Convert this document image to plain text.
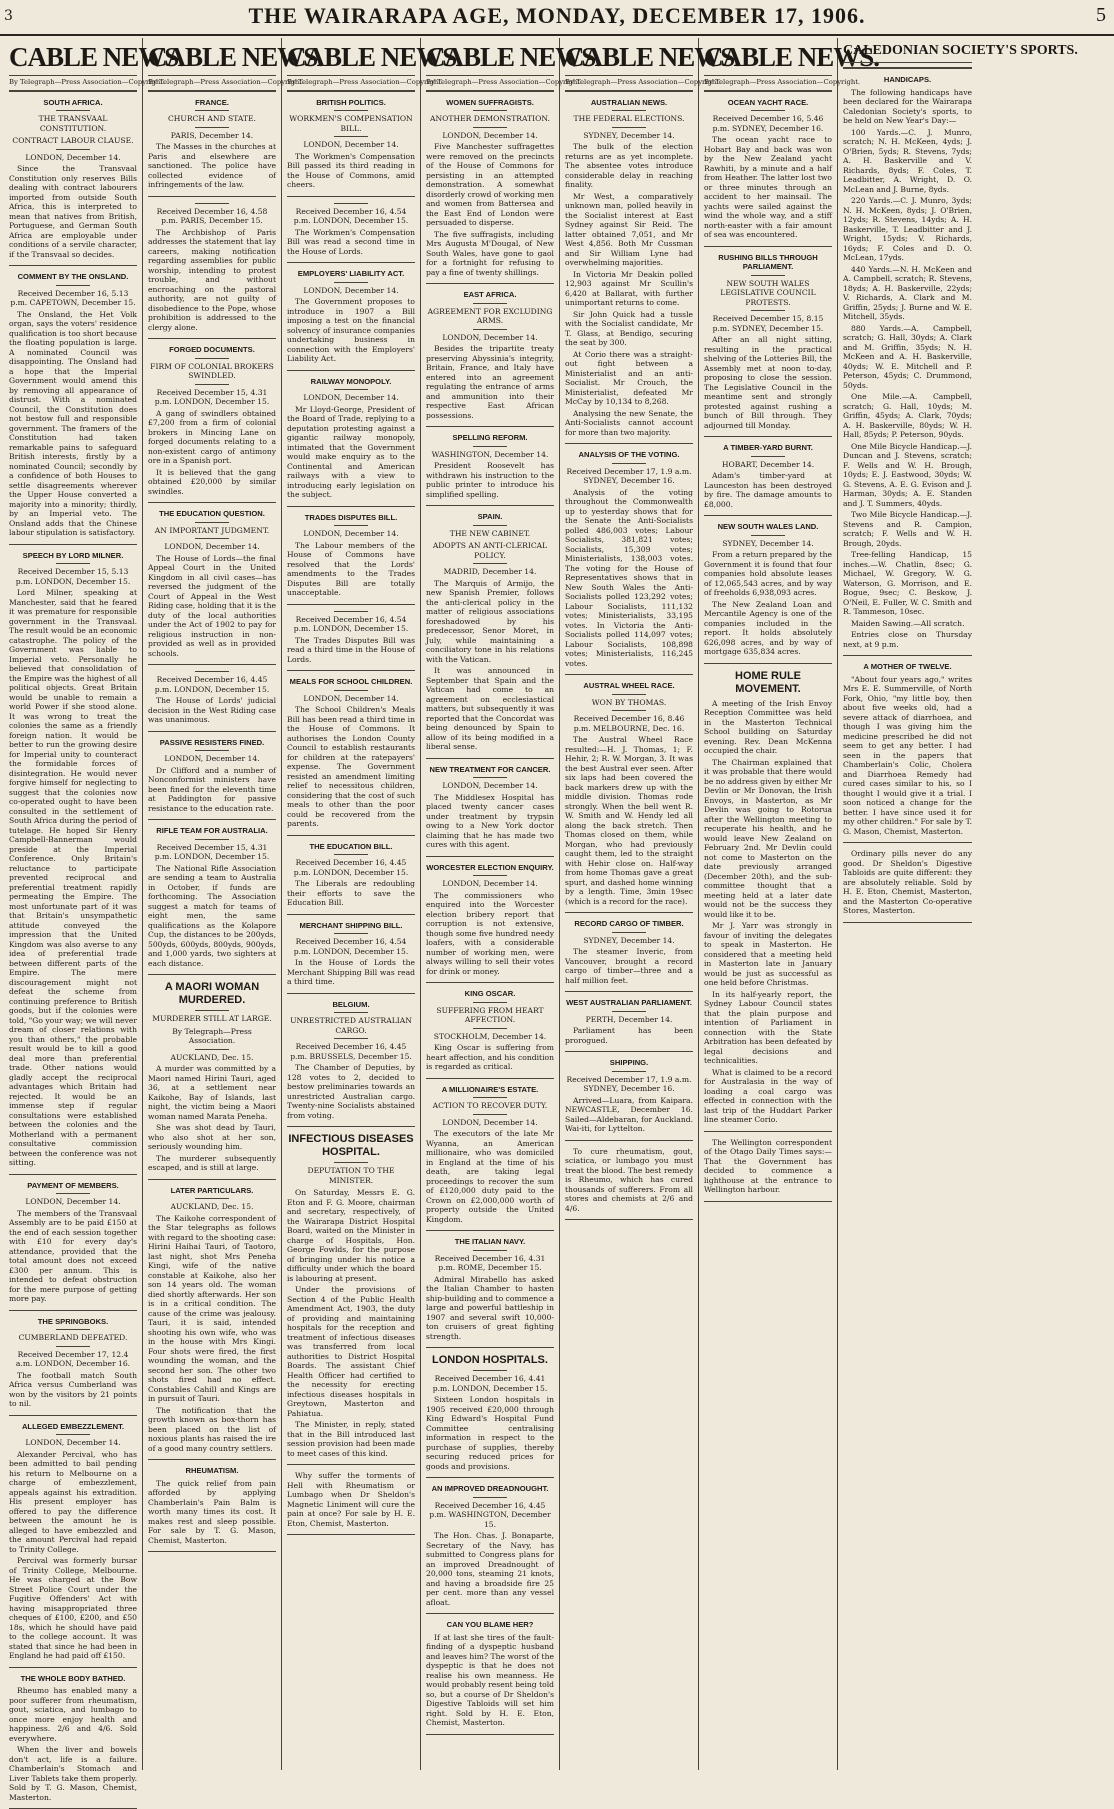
3	THE WAIRARAPA AGE, MONDAY, DECEMBER 17, 1906.	5
CABLE NEWS.
By Telegraph—Press Association—Copyright.
SOUTH AFRICA.
THE TRANSVAAL CONSTITUTION.
CONTRACT LABOUR CLAUSE.
LONDON, December 14.

Since the Transvaal Constitution only reserves Bills dealing with contract labourers imported from outside South Africa, this is interpreted to mean that natives from British, Portuguese, and German South Africa are employable under conditions of a servile character, if the Transvaal so decides.

COMMENT BY THE ONSLAND.
Received December 16, 5.13 p.m. CAPETOWN, December 15.

The Onsland, the Het Volk organ, says the voters' residence qualification is too short because the floating population is large. A nominated Council was disappointing. The Onsland had a hope that the Imperial Government would amend this by removing all appearance of distrust. With a nominated Council, the Constitution does not bestow full and responsible government. The framers of the Constitution had taken remarkable pains to safeguard British interests, firstly by a nominated Council; secondly by a confidence of both Houses to settle disagreements wherever the Upper House converted a majority into a minority; thirdly, by an Imperial veto. The Onsland adds that the Chinese labour stipulation is satisfactory.

SPEECH BY LORD MILNER.
Received December 15, 5.13 p.m. LONDON, December 15.

Lord Milner, speaking at Manchester, said that he feared it was premature for responsible government in the Transvaal. The result would be an economic catastrophe. The policy of the Government was liable to Imperial veto. Personally he believed that consolidation of the Empire was the highest of all political objects. Great Britain would be unable to remain a world Power if she stood alone. It was wrong to treat the colonies the same as a friendly foreign nation. It would be better to run the growing desire for Imperial unity to counteract the formidable forces of disintegration. He would never forgive himself for neglecting to suggest that the colonies now co-operated ought to have been consulted in the settlement of South Africa during the period of tutelage. He hoped Sir Henry Campbell-Bannerman would preside at the Imperial Conference. Only Britain's reluctance to participate prevented reciprocal and preferential treatment rapidly permeating the Empire. The most unfortunate part of it was that Britain's unsympathetic attitude conveyed the impression that the United Kingdom was also averse to any idea of preferential trade between different parts of the Empire. The mere discouragement might not defeat the scheme from continuing preference to British goods, but if the colonies were told, "Go your way; we will never dream of closer relations with you than others," the probable result would be to kill a good deal more than preferential trade. Other nations would gladly accept the reciprocal advantages which Britain had rejected. It would be an immense step if regular consultations were established between the colonies and the Motherland with a permanent consultative commission between the conference was not sitting.

PAYMENT OF MEMBERS.
LONDON, December 14.

The members of the Transvaal Assembly are to be paid £150 at the end of each session together with £10 for every day's attendance, provided that the total amount does not exceed £300 per annum. This is intended to defeat obstruction for the mere purpose of getting more pay.

THE SPRINGBOKS.
CUMBERLAND DEFEATED.
Received December 17, 12.4 a.m. LONDON, December 16.

The football match South Africa versus Cumberland was won by the visitors by 21 points to nil.

ALLEGED EMBEZZLEMENT.
LONDON, December 14.

Alexander Percival, who has been admitted to bail pending his return to Melbourne on a charge of embezzlement, appeals against his extradition. His present employer has offered to pay the difference between the amount he is alleged to have embezzled and the amount Percival had repaid to Trinity College.

Percival was formerly bursar of Trinity College, Melbourne. He was charged at the Bow Street Police Court under the Fugitive Offenders' Act with having misappropriated three cheques of £100, £200, and £50 18s, which he should have paid to the college account. It was stated that since he had been in England he had paid off £150.

THE WHOLE BODY BATHED.

Rheumo has enabled many a poor sufferer from rheumatism, gout, sciatica, and lumbago to once more enjoy health and happiness. 2/6 and 4/6. Sold everywhere.

When the liver and bowels don't act, life is a failure. Chamberlain's Stomach and Liver Tablets take them properly. Sold by T. G. Mason, Chemist, Masterton.

CABLE NEWS.
By Telegraph—Press Association—Copyright.
FRANCE.
CHURCH AND STATE.
PARIS, December 14.

The Masses in the churches at Paris and elsewhere are sanctioned. The police have collected evidence of infringements of the law.

Received December 16, 4.58 p.m. PARIS, December 15.

The Archbishop of Paris addresses the statement that lay careers, making notification regarding assemblies for public worship, intending to protest trouble, and without encroaching on the pastoral authority, are not guilty of disobedience to the Pope, whose prohibition is addressed to the clergy alone.

FORGED DOCUMENTS.
FIRM OF COLONIAL BROKERS SWINDLED.
Received December 15, 4.31 p.m. LONDON, December 15.

A gang of swindlers obtained £7,200 from a firm of colonial brokers in Mincing Lane on forged documents relating to a non-existent cargo of antimony ore in a Spanish port.

It is believed that the gang obtained £20,000 by similar swindles.

THE EDUCATION QUESTION.
AN IMPORTANT JUDGMENT.
LONDON, December 14.

The House of Lords—the final Appeal Court in the United Kingdom in all civil cases—has reversed the judgment of the Court of Appeal in the West Riding case, holding that it is the duty of the local authorities under the Act of 1902 to pay for religious instruction in non-provided as well as in provided schools.

Received December 16, 4.45 p.m. LONDON, December 15.

The House of Lords' judicial decision in the West Riding case was unanimous.

PASSIVE RESISTERS FINED.
LONDON, December 14.

Dr Clifford and a number of Nonconformist ministers have been fined for the eleventh time at Paddington for passive resistance to the education rate.

RIFLE TEAM FOR AUSTRALIA.
Received December 15, 4.31 p.m. LONDON, December 15.

The National Rifle Association are sending a team to Australia in October, if funds are forthcoming. The Association suggest a match for teams of eight men, the same qualifications as the Kolapore Cup, the distances to be 200yds, 500yds, 600yds, 800yds, 900yds, and 1,000 yards, two sighters at each distance.

A MAORI WOMAN MURDERED.
MURDERER STILL AT LARGE.
By Telegraph—Press Association.
AUCKLAND, Dec. 15.

A murder was committed by a Maori named Hirini Tauri, aged 36, at a settlement near Kaikohe, Bay of Islands, last night, the victim being a Maori woman named Marata Peneha.

She was shot dead by Tauri, who also shot at her son, seriously wounding him.

The murderer subsequently escaped, and is still at large.

LATER PARTICULARS.
AUCKLAND, Dec. 15.

The Kaikohe correspondent of the Star telegraphs as follows with regard to the shooting case: Hirini Haihai Tauri, of Taotoro, last night, shot Mrs Peneha Kingi, wife of the native constable at Kaikohe, also her son 14 years old. The woman died shortly afterwards. Her son is in a critical condition. The cause of the crime was jealousy. Tauri, it is said, intended shooting his own wife, who was in the house with Mrs Kingi. Four shots were fired, the first wounding the woman, and the second her son. The other two shots fired had no effect. Constables Cahill and Kings are in pursuit of Tauri.

The notification that the growth known as box-thorn has been placed on the list of noxious plants has raised the ire of a good many country settlers.

RHEUMATISM.

The quick relief from pain afforded by applying Chamberlain's Pain Balm is worth many times its cost. It makes rest and sleep possible. For sale by T. G. Mason, Chemist, Masterton.

CABLE NEWS.
By Telegraph—Press Association—Copyright.
BRITISH POLITICS.
WORKMEN'S COMPENSATION BILL.
LONDON, December 14.

The Workmen's Compensation Bill passed its third reading in the House of Commons, amid cheers.

Received December 16, 4.54 p.m. LONDON, December 15.

The Workmen's Compensation Bill was read a second time in the House of Lords.

EMPLOYERS' LIABILITY ACT.
LONDON, December 14.

The Government proposes to introduce in 1907 a Bill imposing a test on the financial solvency of insurance companies undertaking business in connection with the Employers' Liability Act.

RAILWAY MONOPOLY.
LONDON, December 14.

Mr Lloyd-George, President of the Board of Trade, replying to a deputation protesting against a gigantic railway monopoly, intimated that the Government would make enquiry as to the Continental and American railways with a view to introducing early legislation on the subject.

TRADES DISPUTES BILL.
LONDON, December 14.

The Labour members of the House of Commons have resolved that the Lords' amendments to the Trades Disputes Bill are totally unacceptable.

Received December 16, 4.54 p.m. LONDON, December 15.

The Trades Disputes Bill was read a third time in the House of Lords.

MEALS FOR SCHOOL CHILDREN.
LONDON, December 14.

The School Children's Meals Bill has been read a third time in the House of Commons. It authorises the London County Council to establish restaurants for children at the ratepayers' expense. The Government resisted an amendment limiting relief to necessitous children, considering that the cost of such meals to other than the poor could be recovered from the parents.

THE EDUCATION BILL.
Received December 16, 4.45 p.m. LONDON, December 15.

The Liberals are redoubling their efforts to save the Education Bill.

MERCHANT SHIPPING BILL.
Received December 16, 4.54 p.m. LONDON, December 15.

In the House of Lords the Merchant Shipping Bill was read a third time.

BELGIUM.
UNRESTRICTED AUSTRALIAN CARGO.
Received December 16, 4.45 p.m. BRUSSELS, December 15.

The Chamber of Deputies, by 128 votes to 2, decided to bestow preliminaries towards an unrestricted Australian cargo. Twenty-nine Socialists abstained from voting.

INFECTIOUS DISEASES HOSPITAL.
DEPUTATION TO THE MINISTER.

On Saturday, Messrs E. G. Eton and F. G. Moore, chairman and secretary, respectively, of the Wairarapa District Hospital Board, waited on the Minister in charge of Hospitals, Hon. George Fowlds, for the purpose of bringing under his notice a difficulty under which the board is labouring at present.

Under the provisions of Section 4 of the Public Health Amendment Act, 1903, the duty of providing and maintaining hospitals for the reception and treatment of infectious diseases was transferred from local authorities to District Hospital Boards. The assistant Chief Health Officer had certified to the necessity for erecting infectious diseases hospitals in Greytown, Masterton and Pahiatua.

The Minister, in reply, stated that in the Bill introduced last session provision had been made to meet cases of this kind.

Why suffer the torments of Hell with Rheumatism or Lumbago when Dr Sheldon's Magnetic Liniment will cure the pain at once? For sale by H. E. Eton, Chemist, Masterton.

CABLE NEWS.
By Telegraph—Press Association—Copyright.
WOMEN SUFFRAGISTS.
ANOTHER DEMONSTRATION.
LONDON, December 14.

Five Manchester suffragettes were removed on the precincts of the House of Commons for persisting in an attempted demonstration. A somewhat disorderly crowd of working men and women from Battersea and the East End of London were persuaded to disperse.

The five suffragists, including Mrs Augusta M'Dougal, of New South Wales, have gone to gaol for a fortnight for refusing to pay a fine of twenty shillings.

EAST AFRICA.
AGREEMENT FOR EXCLUDING ARMS.
LONDON, December 14.

Besides the tripartite treaty preserving Abyssinia's integrity, Britain, France, and Italy have entered into an agreement regulating the entrance of arms and ammunition into their respective East African possessions.

SPELLING REFORM.
WASHINGTON, December 14.

President Roosevelt has withdrawn his instruction to the public printer to introduce his simplified spelling.

SPAIN.
THE NEW CABINET.
ADOPTS AN ANTI-CLERICAL POLICY.
MADRID, December 14.

The Marquis of Armijo, the new Spanish Premier, follows the anti-clerical policy in the matter of religious associations foreshadowed by his predecessor, Senor Moret, in July, while maintaining a conciliatory tone in his relations with the Vatican.

It was announced in September that Spain and the Vatican had come to an agreement on ecclesiastical matters, but subsequently it was reported that the Concordat was being denounced by Spain to allow of its being modified in a liberal sense.

NEW TREATMENT FOR CANCER.
LONDON, December 14.

The Middlesex Hospital has placed twenty cancer cases under treatment by trypsin owing to a New York doctor claiming that he has made two cures with this agent.

WORCESTER ELECTION ENQUIRY.
LONDON, December 14.

The commissioners who enquired into the Worcester election bribery report that corruption is not extensive, though some five hundred needy loafers, with a considerable number of working men, were always willing to sell their votes for drink or money.

KING OSCAR.
SUFFERING FROM HEART AFFECTION.
STOCKHOLM, December 14.

King Oscar is suffering from heart affection, and his condition is regarded as critical.

A MILLIONAIRE'S ESTATE.
ACTION TO RECOVER DUTY.
LONDON, December 14.

The executors of the late Mr Wyanna, an American millionaire, who was domiciled in England at the time of his death, are taking legal proceedings to recover the sum of £120,000 duty paid to the Crown on £2,000,000 worth of property outside the United Kingdom.

THE ITALIAN NAVY.
Received December 16, 4.31 p.m. ROME, December 15.

Admiral Mirabello has asked the Italian Chamber to hasten ship-building and to commence a large and powerful battleship in 1907 and several swift 10,000-ton cruisers of great fighting strength.

LONDON HOSPITALS.
Received December 16, 4.41 p.m. LONDON, December 15.

Sixteen London hospitals in 1905 received £20,000 through King Edward's Hospital Fund Committee centralising information in respect to the purchase of supplies, thereby securing reduced prices for goods and provisions.

AN IMPROVED DREADNOUGHT.
Received December 16, 4.45 p.m. WASHINGTON, December 15.

The Hon. Chas. J. Bonaparte, Secretary of the Navy, has submitted to Congress plans for an improved Dreadnought of 20,000 tons, steaming 21 knots, and having a broadside fire 25 per cent. more than any vessel afloat.

CAN YOU BLAME HER?

If at last she tires of the fault-finding of a dyspeptic husband and leaves him? The worst of the dyspeptic is that he does not realise his own meanness. He would probably resent being told so, but a course of Dr Sheldon's Digestive Tabloids will set him right. Sold by H. E. Eton, Chemist, Masterton.

CABLE NEWS.
By Telegraph—Press Association—Copyright.
AUSTRALIAN NEWS.
THE FEDERAL ELECTIONS.
SYDNEY, December 14.

The bulk of the election returns are as yet incomplete. The absentee votes introduce considerable delay in reaching finality.

Mr West, a comparatively unknown man, polled heavily in the Socialist interest at East Sydney against Sir Reid. The latter obtained 7,051, and Mr West 4,856. Both Mr Cussman and Sir William Lyne had overwhelming majorities.

In Victoria Mr Deakin polled 12,903 against Mr Scullin's 6,420 at Ballarat, with further unimportant returns to come.

Sir John Quick had a tussle with the Socialist candidate, Mr T. Glass, at Bendigo, securing the seat by 300.

At Corio there was a straight-out fight between a Ministerialist and an anti-Socialist. Mr Crouch, the Ministerialist, defeated Mr McCay by 10,134 to 8,268.

Analysing the new Senate, the Anti-Socialists cannot account for more than two majority.

ANALYSIS OF THE VOTING.
Received December 17, 1.9 a.m. SYDNEY, December 16.

Analysis of the voting throughout the Commonwealth up to yesterday shows that for the Senate the Anti-Socialists polled 486,003 votes; Labour Socialists, 381,821 votes; Socialists, 15,309 votes; Ministerialists, 138,003 votes. The voting for the House of Representatives shows that in New South Wales the Anti-Socialists polled 123,292 votes; Labour Socialists, 111,132 votes; Ministerialists, 33,195 votes. In Victoria the Anti-Socialists polled 114,097 votes; Labour Socialists, 108,898 votes; Ministerialists, 116,245 votes.

AUSTRAL WHEEL RACE.
WON BY THOMAS.
Received December 16, 8.46 p.m. MELBOURNE, Dec. 16.

The Austral Wheel Race resulted:—H. J. Thomas, 1; F. Hehir, 2; R. W. Morgan, 3. It was the best Austral ever seen. After six laps had been covered the back markers drew up with the middle division. Thomas rode strongly. When the bell went R. W. Smith and W. Hendy led all along the back stretch. Then Thomas closed on them, while Morgan, who had previously caught them, led to the straight with Hehir close on. Half-way from home Thomas gave a great spurt, and dashed home winning by a length. Time, 3min 19sec (which is a record for the race).

RECORD CARGO OF TIMBER.
SYDNEY, December 14.

The steamer Inveric, from Vancouver, brought a record cargo of timber—three and a half million feet.

WEST AUSTRALIAN PARLIAMENT.
PERTH, December 14.

Parliament has been prorogued.

SHIPPING.
Received December 17, 1.9 a.m. SYDNEY, December 16.

Arrived—Luara, from Kaipara. NEWCASTLE, December 16. Sailed—Aldebaran, for Auckland. Wai-iti, for Lyttelton.

To cure rheumatism, gout, sciatica, or lumbago you must treat the blood. The best remedy is Rheumo, which has cured thousands of sufferers. From all stores and chemists at 2/6 and 4/6.

CABLE NEWS.
By Telegraph—Press Association—Copyright.
OCEAN YACHT RACE.
Received December 16, 5.46 p.m. SYDNEY, December 16.

The ocean yacht race to Hobart Bay and back was won by the New Zealand yacht Rawhiti, by a minute and a half from Heather. The latter lost two or three minutes through an accident to her mainsail. The yachts were sailed against the wind the whole way, and a stiff north-easter with a fair amount of sea was encountered.

RUSHING BILLS THROUGH PARLIAMENT.
NEW SOUTH WALES LEGISLATIVE COUNCIL PROTESTS.
Received December 15, 8.15 p.m. SYDNEY, December 15.

After an all night sitting, resulting in the practical shelving of the Lotteries Bill, the Assembly met at noon to-day, proposing to close the session. The Legislative Council in the meantime sent and strongly protested against rushing a bunch of Bill through. They adjourned till Monday.

A TIMBER-YARD BURNT.
HOBART, December 14.

Adam's timber-yard at Launceston has been destroyed by fire. The damage amounts to £8,000.

NEW SOUTH WALES LAND.
SYDNEY, December 14.

From a return prepared by the Government it is found that four companies hold absolute leases of 12,065,543 acres, and by way of freeholds 6,938,093 acres.

The New Zealand Loan and Mercantile Agency is one of the companies included in the report. It holds absolutely 626,098 acres, and by way of mortgage 635,834 acres.

HOME RULE MOVEMENT.

A meeting of the Irish Envoy Reception Committee was held in the Masterton Technical School building on Saturday evening. Rev. Dean McKenna occupied the chair.

The Chairman explained that it was probable that there would be no address given by either Mr Devlin or Mr Donovan, the Irish Envoys, in Masterton, as Mr Devlin was going to Rotorua after the Wellington meeting to recuperate his health, and he would leave New Zealand on February 2nd. Mr Devlin could not come to Masterton on the date previously arranged (December 20th), and the sub-committee thought that a meeting held at a later date would not be the success they would like it to be.

Mr J. Yarr was strongly in favour of inviting the delegates to speak in Masterton. He considered that a meeting held in Masterton late in January would be just as successful as one held before Christmas.

In its half-yearly report, the Sydney Labour Council states that the plain purpose and intention of Parliament in connection with the State Arbitration has been defeated by legal decisions and technicalities.

What is claimed to be a record for Australasia in the way of loading a coal cargo was effected in connection with the last trip of the Huddart Parker line steamer Corio.

The Wellington correspondent of the Otago Daily Times says:—That the Government has decided to commence a lighthouse at the entrance to Wellington harbour.

CALEDONIAN SOCIETY'S SPORTS.
HANDICAPS.

The following handicaps have been declared for the Wairarapa Caledonian Society's sports, to be held on New Year's Day:—

100 Yards.—C. J. Munro, scratch; N. H. McKeen, 4yds; J. O'Brien, 5yds; R. Stevens, 7yds; A. H. Baskerville and V. Richards, 8yds; F. Coles, T. Leadbitter, A. Wright, D. O. McLean and J. Burne, 8yds.

220 Yards.—C. J. Munro, 3yds; N. H. McKeen, 8yds; J. O'Brien, 12yds; R. Stevens, 14yds; A. H. Baskerville, T. Leadbitter and J. Wright, 15yds; V. Richards, 16yds; F. Coles and D. O. McLean, 17yds.

440 Yards.—N. H. McKeen and A. Campbell, scratch; R. Stevens, 18yds; A. H. Baskerville, 22yds; V. Richards, A. Clark and M. Griffin, 25yds; J. Burne and W. E. Mitchell, 35yds.

880 Yards.—A. Campbell, scratch; G. Hall, 30yds; A. Clark and M. Griffin, 35yds; N. H. McKeen and A. H. Baskerville, 40yds; W. E. Mitchell and P. Peterson, 45yds; C. Drummond, 50yds.

One Mile.—A. Campbell, scratch; G. Hall, 10yds; M. Griffin, 45yds; A. Clark, 70yds; A. H. Baskerville, 80yds; W. H. Hall, 85yds; P. Peterson, 90yds.

One Mile Bicycle Handicap.—J. Duncan and J. Stevens, scratch; F. Wells and W. H. Brough, 10yds; E. J. Eastwood, 30yds; W. G. Stevens, A. E. G. Evison and J. Harman, 30yds; A. E. Standen and J. T. Summers, 40yds.

Two Mile Bicycle Handicap.—J. Stevens and R. Campion, scratch; F. Wells and W. H. Brough, 20yds.

Tree-felling Handicap, 15 inches.—W. Chatlin, 8sec; G. Michael, W. Gregory, W. G. Waterson, G. Morrison, and E. Bogue, 9sec; C. Beskow, J. O'Neil, E. Fuller, W. C. Smith and R. Tammeson, 10sec.

Maiden Sawing.—All scratch.

Entries close on Thursday next, at 9 p.m.

A MOTHER OF TWELVE.

"About four years ago," writes Mrs E. E. Summerville, of North Fork, Ohio, "my little boy, then about five weeks old, had a severe attack of diarrhoea, and though I was giving him the medicine prescribed he did not seem to get any better. I had seen in the papers that Chamberlain's Colic, Cholera and Diarrhoea Remedy had cured cases similar to his, so I thought I would give it a trial. I soon noticed a change for the better. I have since used it for my other children." For sale by T. G. Mason, Chemist, Masterton.

Ordinary pills never do any good. Dr Sheldon's Digestive Tabloids are quite different: they are absolutely reliable. Sold by H. E. Eton, Chemist, Masterton, and the Masterton Co-operative Stores, Masterton.
